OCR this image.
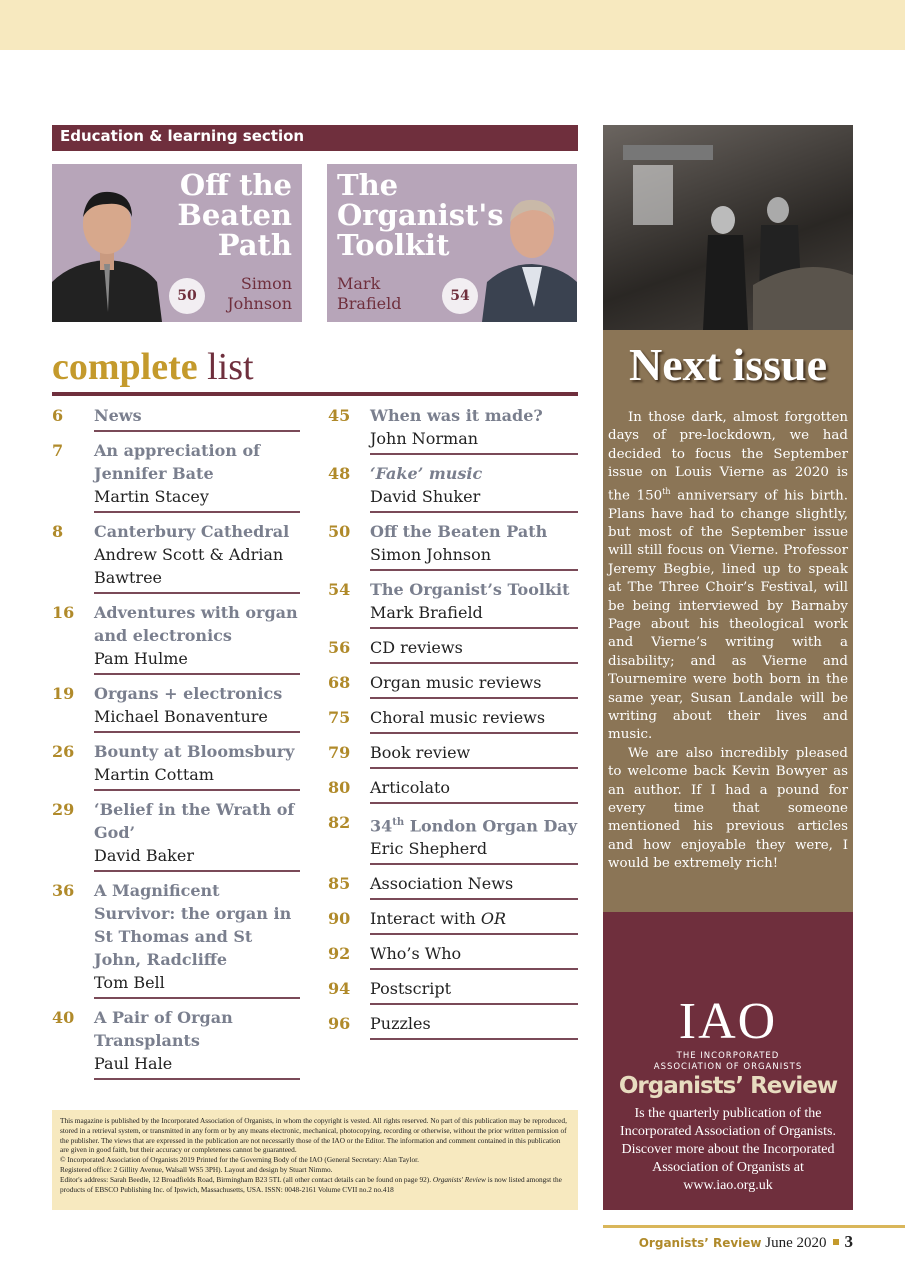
Education & learning section
Off the Beaten Path
50
Simon Johnson
The Organist's Toolkit
Mark Brafield	54
complete list
6	News
7	An appreciation of Jennifer Bate
Martin Stacey
8	Canterbury Cathedral
Andrew Scott & Adrian Bawtree
16	Adventures with organ and electronics
Pam Hulme
19	Organs + electronics
Michael Bonaventure
26	Bounty at Bloomsbury
Martin Cottam
29	‘Belief in the Wrath of God’
David Baker
36	A Magnificent Survivor: the organ in St Thomas and St John, Radcliffe
Tom Bell
40	A Pair of Organ Transplants
Paul Hale
45	When was it made?
John Norman
48	‘Fake’ music
David Shuker
50	Off the Beaten Path
Simon Johnson
54	The Organist’s Toolkit
Mark Brafield
56	CD reviews
68	Organ music reviews
75	Choral music reviews
79	Book review
80	Articolato
82	34th London Organ Day
Eric Shepherd
85	Association News
90	Interact with OR
92	Who’s Who
94	Postscript
96	Puzzles
Next issue

In those dark, almost forgotten days of pre-lockdown, we had decided to focus the September issue on Louis Vierne as 2020 is the 150th anniversary of his birth. Plans have had to change slightly, but most of the September issue will still focus on Vierne. Professor Jeremy Begbie, lined up to speak at The Three Choir’s Festival, will be being interviewed by Barnaby Page about his theological work and Vierne’s writing with a disability; and as Vierne and Tournemire were both born in the same year, Susan Landale will be writing about their lives and music.

We are also incredibly pleased to welcome back Kevin Bowyer as an author. If I had a pound for every time that someone mentioned his previous articles and how enjoyable they were, I would be extremely rich!

IAO
THE INCORPORATED
ASSOCIATION OF ORGANISTS
Organists’ Review
Is the quarterly publication of the Incorporated Association of Organists. Discover more about the Incorporated Association of Organists at
www.iao.org.uk
This magazine is published by the Incorporated Association of Organists, in whom the copyright is vested. All rights reserved. No part of this publication may be reproduced, stored in a retrieval system, or transmitted in any form or by any means electronic, mechanical, photocopying, recording or otherwise, without the prior written permission of the publisher. The views that are expressed in the publication are not necessarily those of the IAO or the Editor. The information and comment contained in this publication are given in good faith, but their accuracy or completeness cannot be guaranteed.
© Incorporated Association of Organists 2019 Printed for the Governing Body of the IAO (General Secretary: Alan Taylor.
Registered office: 2 Gillity Avenue, Walsall WS5 3PH). Layout and design by Stuart Nimmo.
Editor's address: Sarah Beedle, 12 Broadfields Road, Birmingham B23 5TL (all other contact details can be found on page 92). Organists' Review is now listed amongst the products of EBSCO Publishing Inc. of Ipswich, Massachusetts, USA. ISSN: 0048-2161 Volume CVII no.2 no.418
Organists’ Review June 2020 3
